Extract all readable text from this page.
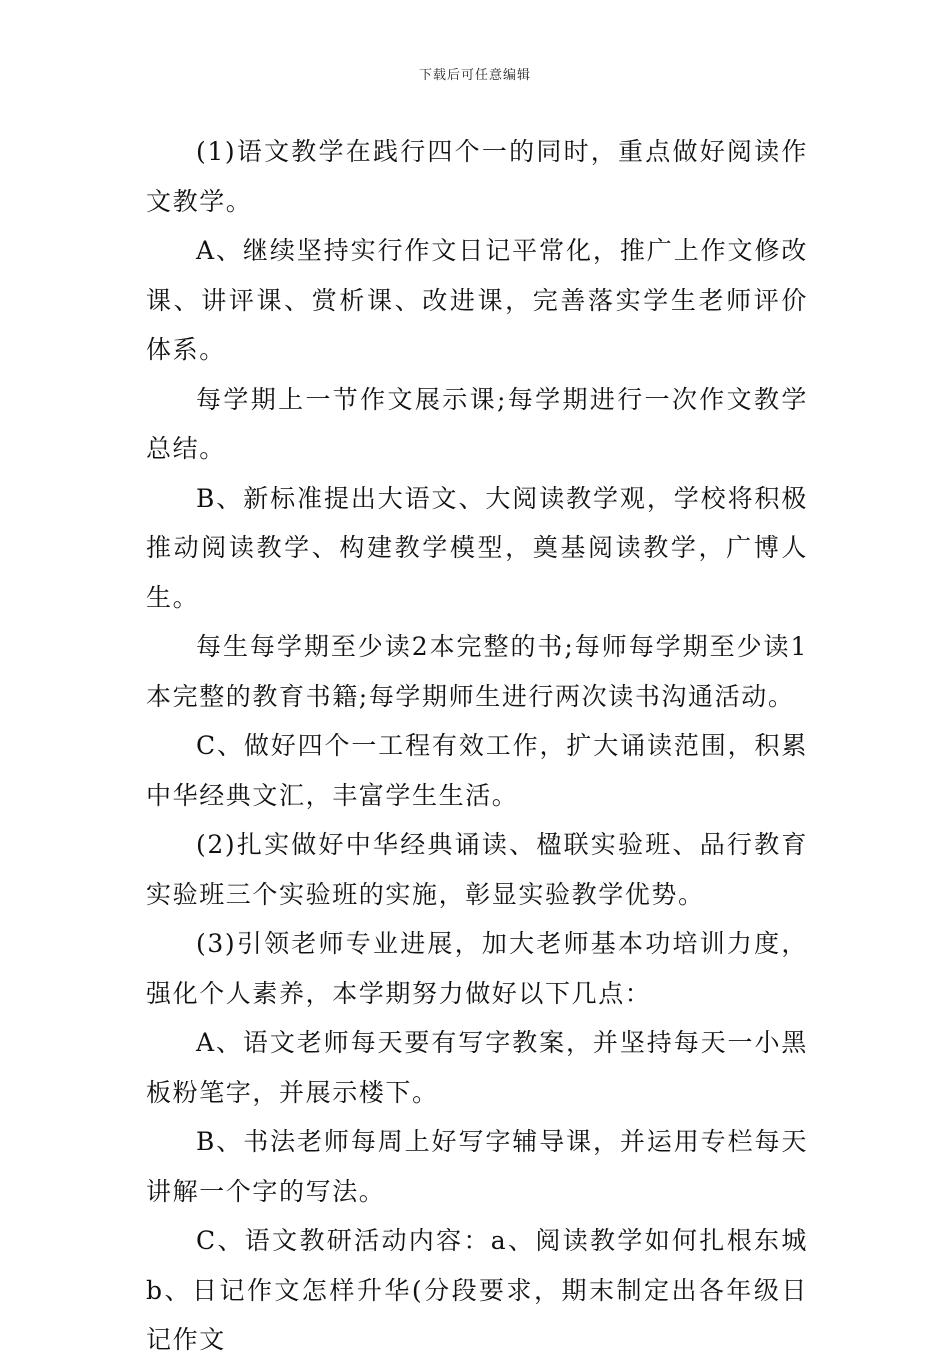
下载后可任意编辑

(1)语文教学在践行四个一的同时，重点做好阅读作文教学。

A、继续坚持实行作文日记平常化，推广上作文修改课、讲评课、赏析课、改进课，完善落实学生老师评价体系。

每学期上一节作文展示课;每学期进行一次作文教学总结。

B、新标准提出大语文、大阅读教学观，学校将积极推动阅读教学、构建教学模型，奠基阅读教学，广博人生。

每生每学期至少读2本完整的书;每师每学期至少读1本完整的教育书籍;每学期师生进行两次读书沟通活动。

C、做好四个一工程有效工作，扩大诵读范围，积累中华经典文汇，丰富学生生活。

(2)扎实做好中华经典诵读、楹联实验班、品行教育实验班三个实验班的实施，彰显实验教学优势。

(3)引领老师专业进展，加大老师基本功培训力度，强化个人素养，本学期努力做好以下几点：

A、语文老师每天要有写字教案，并坚持每天一小黑板粉笔字，并展示楼下。

B、书法老师每周上好写字辅导课，并运用专栏每天讲解一个字的写法。

C、语文教研活动内容：a、阅读教学如何扎根东城b、日记作文怎样升华(分段要求，期末制定出各年级日记作文
